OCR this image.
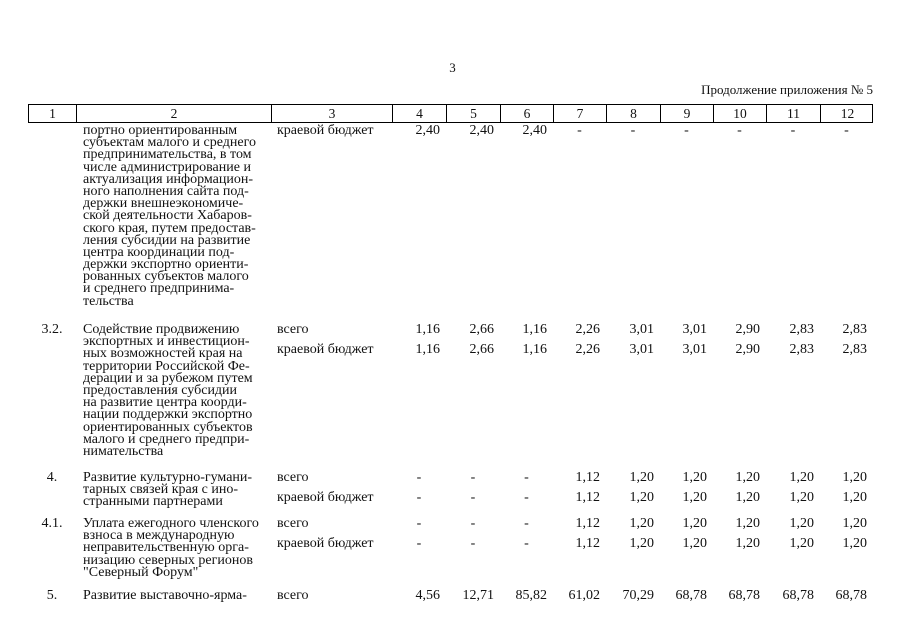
3
Продолжение приложения № 5
1	2	3	4	5	6	7	8	9	10	11	12
портно ориентированным
субъектам малого и среднего
предпринимательства, в том
числе администрирование и
актуализация информацион-
ного наполнения сайта под-
держки внешнеэкономиче-
ской деятельности Хабаров-
ского края, путем предостав-
ления субсидии на развитие
центра координации под-
держки экспортно ориенти-
рованных субъектов малого
и среднего предпринима-
тельства
краевой бюджет	2,40	2,40	2,40	-	-	-	-	-	-
3.2.	Содействие продвижению
экспортных и инвестицион-
ных возможностей края на
территории Российской Фе-
дерации и за рубежом путем
предоставления субсидии
на развитие центра коорди-
нации поддержки экспортно
ориентированных субъектов
малого и среднего предпри-
нимательства
всего	1,16	2,66	1,16	2,26	3,01	3,01	2,90	2,83	2,83
краевой бюджет	1,16	2,66	1,16	2,26	3,01	3,01	2,90	2,83	2,83
4.	Развитие культурно-гумани-
тарных связей края с ино-
странными партнерами
всего	-	-	-	1,12	1,20	1,20	1,20	1,20	1,20
краевой бюджет	-	-	-	1,12	1,20	1,20	1,20	1,20	1,20
4.1.	Уплата ежегодного членского
взноса в международную
неправительственную орга-
низацию северных регионов
"Северный Форум"
всего	-	-	-	1,12	1,20	1,20	1,20	1,20	1,20
краевой бюджет	-	-	-	1,12	1,20	1,20	1,20	1,20	1,20
5.	Развитие выставочно-ярма-	всего	4,56	12,71	85,82	61,02	70,29	68,78	68,78	68,78	68,78
